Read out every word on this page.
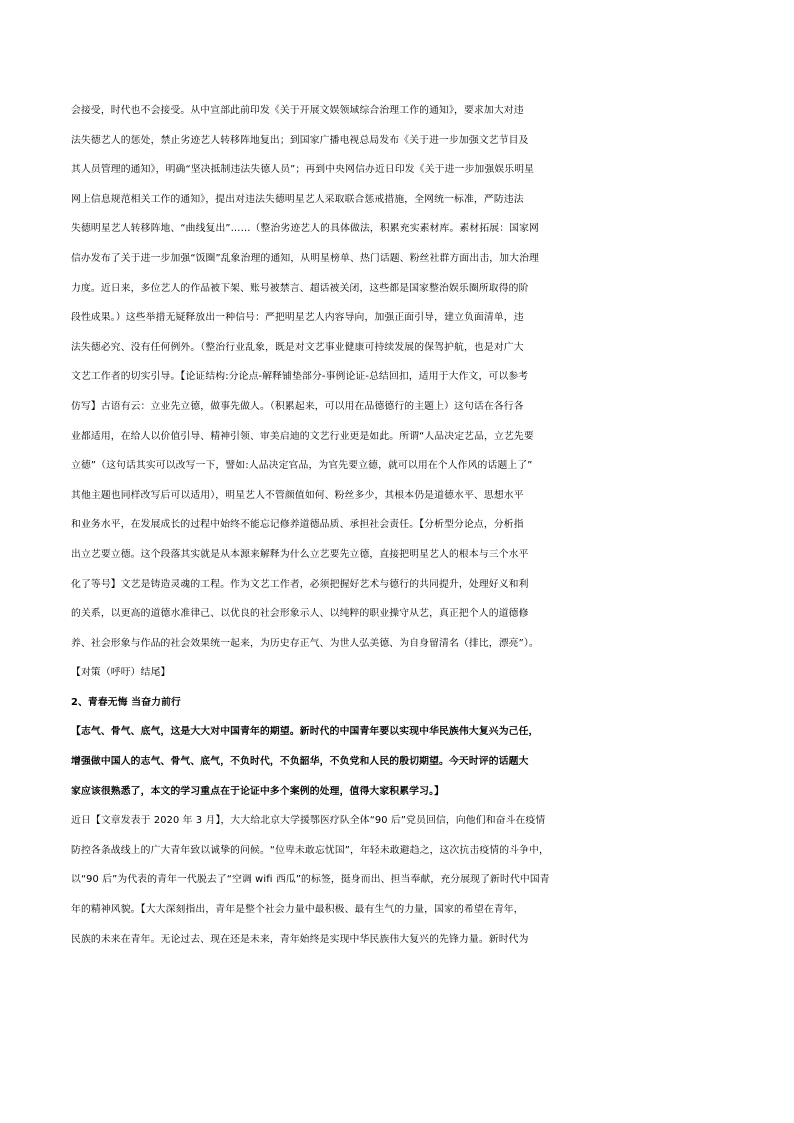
会接受，时代也不会接受。从中宣部此前印发《关于开展文娱领域综合治理工作的通知》，要求加大对违
法失德艺人的惩处，禁止劣迹艺人转移阵地复出；到国家广播电视总局发布《关于进一步加强文艺节目及
其人员管理的通知》，明确“坚决抵制违法失德人员”；再到中央网信办近日印发《关于进一步加强娱乐明星
网上信息规范相关工作的通知》，提出对违法失德明星艺人采取联合惩戒措施，全网统一标准，严防违法
失德明星艺人转移阵地、“曲线复出”……（整治劣迹艺人的具体做法，积累充实素材库。素材拓展：国家网
信办发布了关于进一步加强“饭圈”乱象治理的通知，从明星榜单、热门话题、粉丝社群方面出击，加大治理
力度。近日来，多位艺人的作品被下架、账号被禁言、超话被关闭，这些都是国家整治娱乐圈所取得的阶
段性成果。）这些举措无疑释放出一种信号：严把明星艺人内容导向，加强正面引导，建立负面清单，违
法失德必究、没有任何例外。（整治行业乱象，既是对文艺事业健康可持续发展的保驾护航，也是对广大
文艺工作者的切实引导。【论证结构:分论点-解释铺垫部分-事例论证-总结回扣，适用于大作文，可以参考
仿写】古语有云：立业先立德，做事先做人。（积累起来，可以用在品德德行的主题上）这句话在各行各
业都适用，在给人以价值引导、精神引领、审美启迪的文艺行业更是如此。所谓“人品决定艺品，立艺先要
立德”（这句话其实可以改写一下，譬如:人品决定官品，为官先要立德，就可以用在个人作风的话题上了”
其他主题也同样改写后可以适用），明星艺人不管颜值如何、粉丝多少，其根本仍是道德水平、思想水平
和业务水平，在发展成长的过程中始终不能忘记修养道德品质、承担社会责任。【分析型分论点，分析指
出立艺要立德。这个段落其实就是从本源来解释为什么立艺要先立德，直接把明星艺人的根本与三个水平
化了等号】文艺是铸造灵魂的工程。作为文艺工作者，必须把握好艺术与德行的共同提升，处理好义和利
的关系，以更高的道德水准律己、以优良的社会形象示人、以纯粹的职业操守从艺，真正把个人的道德修
养、社会形象与作品的社会效果统一起来，为历史存正气、为世人弘美德、为自身留清名（排比，漂亮”）。
【对策（呼吁）结尾】
2、青春无悔 当奋力前行
【志气、骨气、底气，这是大大对中国青年的期望。新时代的中国青年要以实现中华民族伟大复兴为己任，
增强做中国人的志气、骨气、底气，不负时代，不负韶华，不负党和人民的殷切期望。今天时评的话题大
家应该很熟悉了，本文的学习重点在于论证中多个案例的处理，值得大家积累学习。】
近日【文章发表于 2020 年 3 月】，大大给北京大学援鄂医疗队全体“90 后”党员回信，向他们和奋斗在疫情
防控各条战线上的广大青年致以诚挚的问候。“位卑未敢忘忧国”，年轻未敢避趋之，这次抗击疫情的斗争中，
以“90 后”为代表的青年一代脱去了“空调 wifi 西瓜”的标签，挺身而出、担当奉献，充分展现了新时代中国青
年的精神风貌。【大大深刻指出，青年是整个社会力量中最积极、最有生气的力量，国家的希望在青年，
民族的未来在青年。无论过去、现在还是未来，青年始终是实现中华民族伟大复兴的先锋力量。新时代为
